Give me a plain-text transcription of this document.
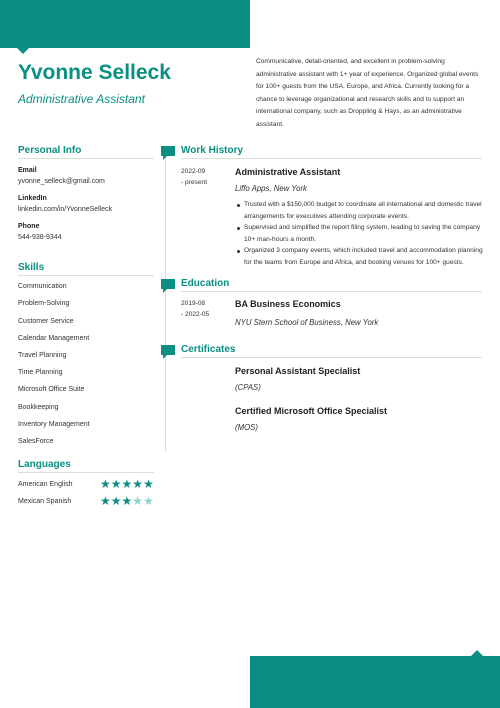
Yvonne Selleck
Administrative Assistant

Communicative, detail-oriented, and excellent in problem-solving administrative assistant with 1+ year of experience. Organized global events for 100+ guests from the USA, Europe, and Africa. Currently looking for a chance to leverage organizational and research skills and to support an international company, such as Droppling & Hays, as an administrative assistant.

Personal Info
Email
yvonne_selleck@gmail.com
LinkedIn
linkedin.com/in/YvonneSelleck
Phone
544-938-9344
Skills
Communication
Problem-Solving
Customer Service
Calendar Management
Travel Planning
Time Planning
Microsoft Office Suite
Bookkeeping
Inventory Management
SalesForce
Languages
American English ★★★★★
Mexican Spanish ★★★★★
Work History
2022-09
- present
Administrative Assistant
Liffo Apps, New York
Trusted with a $150,000 budget to coordinate all international and domestic travel arrangements for executives attending corporate events.
Supervised and simplified the report filing system, leading to saving the company 10+ man-hours a month.
Organized 3 company events, which included travel and accommodation planning for the teams from Europe and Africa, and booking venues for 100+ guests.
Education
2019-08
- 2022-05
BA Business Economics
NYU Stern School of Business, New York
Certificates
Personal Assistant Specialist
(CPAS)
Certified Microsoft Office Specialist
(MOS)
